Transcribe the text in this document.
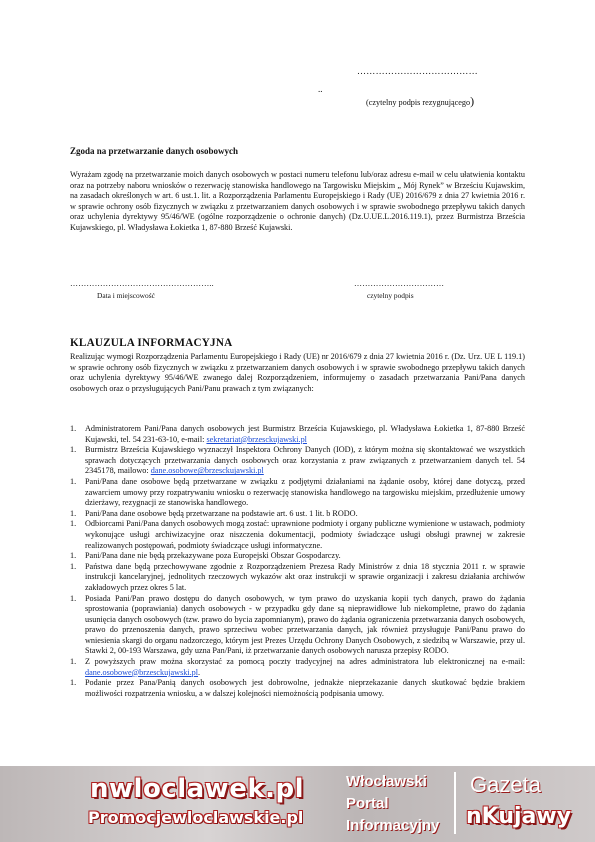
…………………………………
..
(czytelny podpis rezygnującego)
Zgoda na przetwarzanie danych osobowych
Wyrażam zgodę na przetwarzanie moich danych osobowych w postaci numeru telefonu lub/oraz adresu e-mail w celu ułatwienia kontaktu oraz na potrzeby naboru wniosków o rezerwację stanowiska handlowego na Targowisku Miejskim „ Mój Rynek” w Brześciu Kujawskim, na zasadach określonych w art. 6 ust.1. lit. a Rozporządzenia Parlamentu Europejskiego i Rady (UE) 2016/679 z dnia 27 kwietnia 2016 r. w sprawie ochrony osób fizycznych w związku z przetwarzaniem danych osobowych i w sprawie swobodnego przepływu takich danych oraz uchylenia dyrektywy 95/46/WE (ogólne rozporządzenie o ochronie danych) (Dz.U.UE.L.2016.119.1), przez Burmistrza Brześcia Kujawskiego, pl. Władysława Łokietka 1, 87-880 Brześć Kujawski.
……………………………………………..	……………………………
Data i miejscowość	czytelny podpis
KLAUZULA INFORMACYJNA
Realizując wymogi Rozporządzenia Parlamentu Europejskiego i Rady (UE) nr 2016/679 z dnia 27 kwietnia 2016 r. (Dz. Urz. UE L 119.1) w sprawie ochrony osób fizycznych w związku z przetwarzaniem danych osobowych i w sprawie swobodnego przepływu takich danych oraz uchylenia dyrektywy 95/46/WE zwanego dalej Rozporządzeniem, informujemy o zasadach przetwarzania Pani/Pana danych osobowych oraz o przysługujących Pani/Panu prawach z tym związanych:
1. Administratorem Pani/Pana danych osobowych jest Burmistrz Brześcia Kujawskiego, pl. Władysława Łokietka 1, 87-880 Brześć Kujawski, tel. 54 231-63-10, e-mail: sekretariat@brzesckujawski.pl
1. Burmistrz Brześcia Kujawskiego wyznaczył Inspektora Ochrony Danych (IOD), z którym można się skontaktować we wszystkich sprawach dotyczących przetwarzania danych osobowych oraz korzystania z praw związanych z przetwarzaniem danych tel. 54 2345178, mailowo: dane.osobowe@brzesckujawski.pl
1. Pani/Pana dane osobowe będą przetwarzane w związku z podjętymi działaniami na żądanie osoby, której dane dotyczą, przed zawarciem umowy przy rozpatrywaniu wniosku o rezerwację stanowiska handlowego na targowisku miejskim, przedłużenie umowy dzierżawy, rezygnacji ze stanowiska handlowego.
1. Pani/Pana dane osobowe będą przetwarzane na podstawie art. 6 ust. 1 lit. b RODO.
1. Odbiorcami Pani/Pana danych osobowych mogą zostać: uprawnione podmioty i organy publiczne wymienione w ustawach, podmioty wykonujące usługi archiwizacyjne oraz niszczenia dokumentacji, podmioty świadczące usługi obsługi prawnej w zakresie realizowanych postępowań, podmioty świadczące usługi informatyczne.
1. Pani/Pana dane nie będą przekazywane poza Europejski Obszar Gospodarczy.
1. Państwa dane będą przechowywane zgodnie z Rozporządzeniem Prezesa Rady Ministrów z dnia 18 stycznia 2011 r. w sprawie instrukcji kancelaryjnej, jednolitych rzeczowych wykazów akt oraz instrukcji w sprawie organizacji i zakresu działania archiwów zakładowych przez okres 5 lat.
1. Posiada Pani/Pan prawo dostępu do danych osobowych, w tym prawo do uzyskania kopii tych danych, prawo do żądania sprostowania (poprawiania) danych osobowych - w przypadku gdy dane są nieprawidłowe lub niekompletne, prawo do żądania usunięcia danych osobowych (tzw. prawo do bycia zapomnianym), prawo do żądania ograniczenia przetwarzania danych osobowych, prawo do przenoszenia danych, prawo sprzeciwu wobec przetwarzania danych, jak również przysługuje Pani/Panu prawo do wniesienia skargi do organu nadzorczego, którym jest Prezes Urzędu Ochrony Danych Osobowych, z siedzibą w Warszawie, przy ul. Stawki 2, 00-193 Warszawa, gdy uzna Pan/Pani, iż przetwarzanie danych osobowych narusza przepisy RODO.
1. Z powyższych praw można skorzystać za pomocą poczty tradycyjnej na adres administratora lub elektronicznej na e-mail: dane.osobowe@brzesckujawski.pl.
1. Podanie przez Pana/Panią danych osobowych jest dobrowolne, jednakże nieprzekazanie danych skutkować będzie brakiem możliwości rozpatrzenia wniosku, a w dalszej kolejności niemożnością podpisania umowy.
nwloclawek.pl
Promocjewloclawskie.pl
Włocławski
Portal
Informacyjny
Gazeta
nKujawy
